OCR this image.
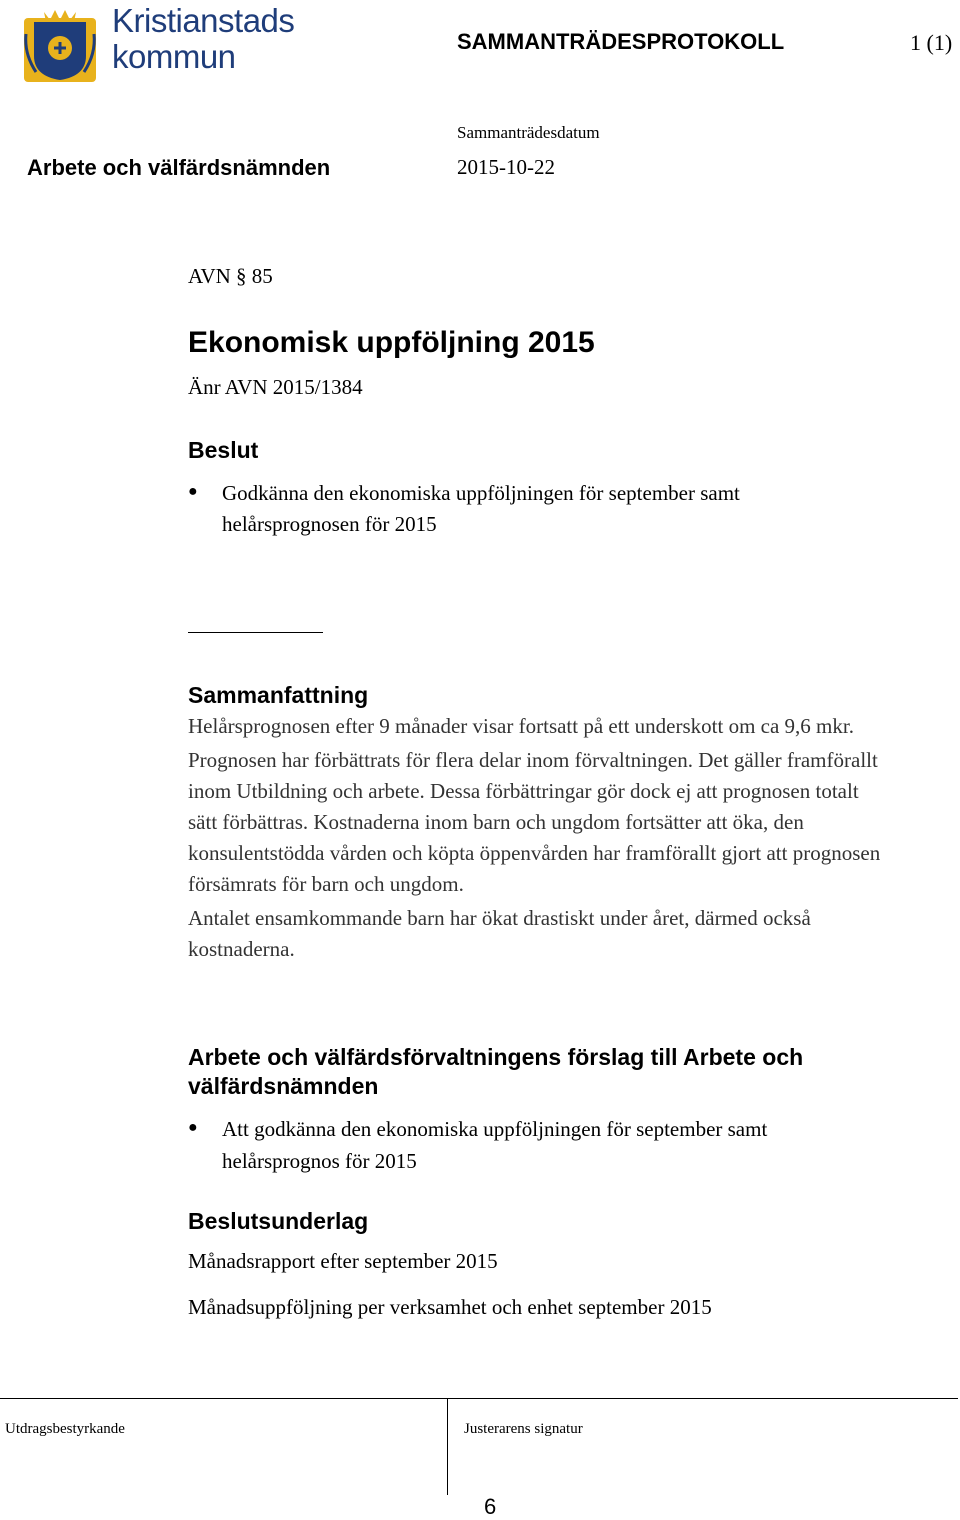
Kristianstads
kommun	SAMMANTRÄDESPROTOKOLL	1 (1)
Sammanträdesdatum
Arbete och välfärdsnämnden	2015-10-22
AVN § 85
Ekonomisk uppföljning 2015
Änr AVN 2015/1384
Beslut
● Godkänna den ekonomiska uppföljningen för september samt helårsprognosen för 2015
Sammanfattning

Helårsprognosen efter 9 månader visar fortsatt på ett underskott om ca 9,6 mkr.

Prognosen har förbättrats för flera delar inom förvaltningen. Det gäller framförallt inom Utbildning och arbete. Dessa förbättringar gör dock ej att prognosen totalt sätt förbättras. Kostnaderna inom barn och ungdom fortsätter att öka, den konsulentstödda vården och köpta öppenvården har framförallt gjort att prognosen försämrats för barn och ungdom.

Antalet ensamkommande barn har ökat drastiskt under året, därmed också kostnaderna.

Arbete och välfärdsförvaltningens förslag till Arbete och välfärdsnämnden
● Att godkänna den ekonomiska uppföljningen för september samt helårsprognos för 2015
Beslutsunderlag
Månadsrapport efter september 2015
Månadsuppföljning per verksamhet och enhet september 2015
Utdragsbestyrkande	Justerarens signatur
6
